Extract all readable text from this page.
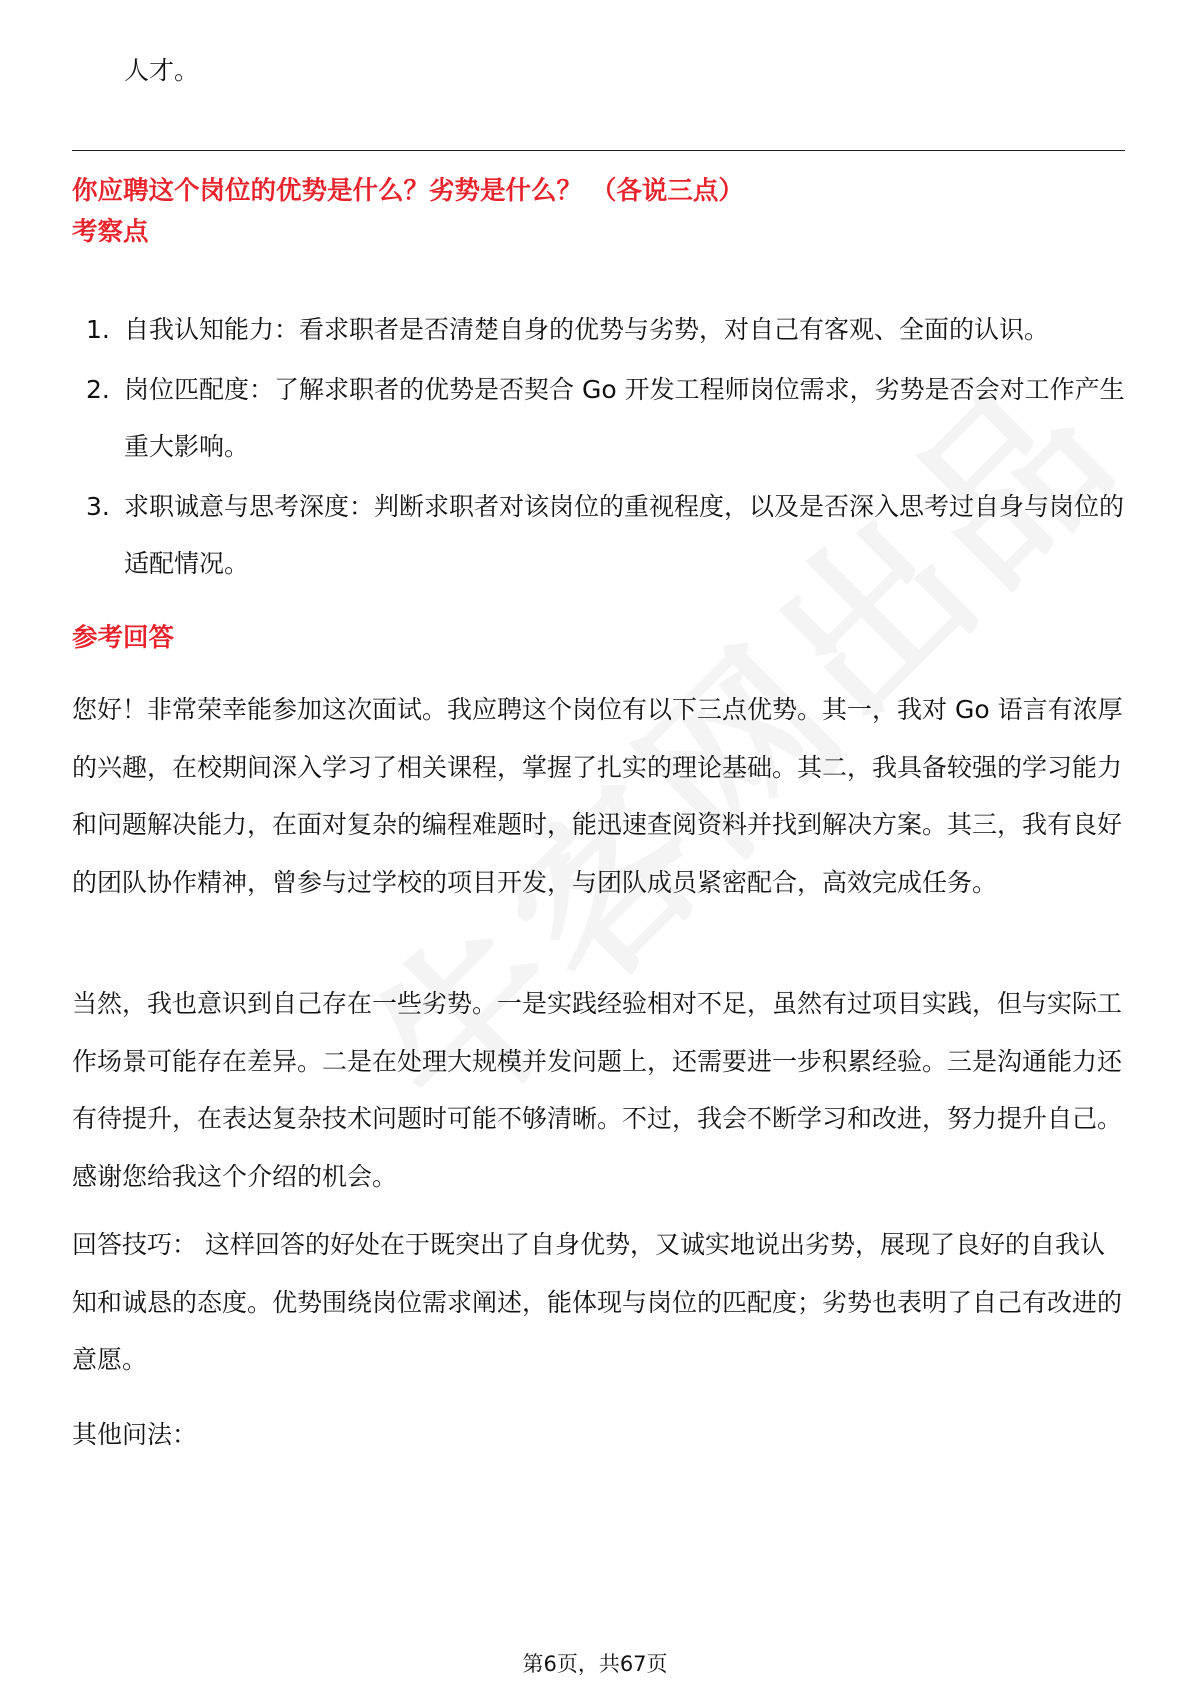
人才。
你应聘这个岗位的优势是什么？劣势是什么？ （各说三点）
考察点
1. 自我认知能力：看求职者是否清楚自身的优势与劣势，对自己有客观、全面的认识。
2. 岗位匹配度：了解求职者的优势是否契合 Go 开发工程师岗位需求，劣势是否会对工作产生重大影响。
3. 求职诚意与思考深度：判断求职者对该岗位的重视程度，以及是否深入思考过自身与岗位的适配情况。
参考回答
您好！非常荣幸能参加这次面试。我应聘这个岗位有以下三点优势。其一，我对 Go 语言有浓厚的兴趣，在校期间深入学习了相关课程，掌握了扎实的理论基础。其二，我具备较强的学习能力和问题解决能力，在面对复杂的编程难题时，能迅速查阅资料并找到解决方案。其三，我有良好的团队协作精神，曾参与过学校的项目开发，与团队成员紧密配合，高效完成任务。
当然，我也意识到自己存在一些劣势。一是实践经验相对不足，虽然有过项目实践，但与实际工作场景可能存在差异。二是在处理大规模并发问题上，还需要进一步积累经验。三是沟通能力还有待提升，在表达复杂技术问题时可能不够清晰。不过，我会不断学习和改进，努力提升自己。感谢您给我这个介绍的机会。
回答技巧： 这样回答的好处在于既突出了自身优势，又诚实地说出劣势，展现了良好的自我认知和诚恳的态度。优势围绕岗位需求阐述，能体现与岗位的匹配度；劣势也表明了自己有改进的意愿。
其他问法：
第6页，共67页
